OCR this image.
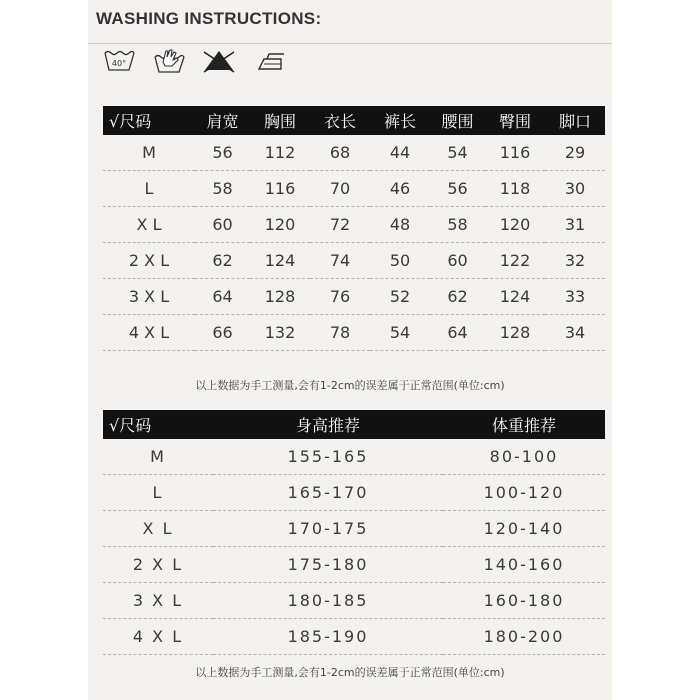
WASHING INSTRUCTIONS:
40°
√尺码	肩宽	胸围	衣长	裤长	腰围	臀围	脚口
M	56	112	68	44	54	116	29
L	58	116	70	46	56	118	30
X L	60	120	72	48	58	120	31
2 X L	62	124	74	50	60	122	32
3 X L	64	128	76	52	62	124	33
4 X L	66	132	78	54	64	128	34
以上数据为手工测量,会有1-2cm的误差属于正常范围(单位:cm)
√尺码	身高推荐	体重推荐
M	155-165	80-100
L	165-170	100-120
X L	170-175	120-140
2 X L	175-180	140-160
3 X L	180-185	160-180
4 X L	185-190	180-200
以上数据为手工测量,会有1-2cm的误差属于正常范围(单位:cm)
